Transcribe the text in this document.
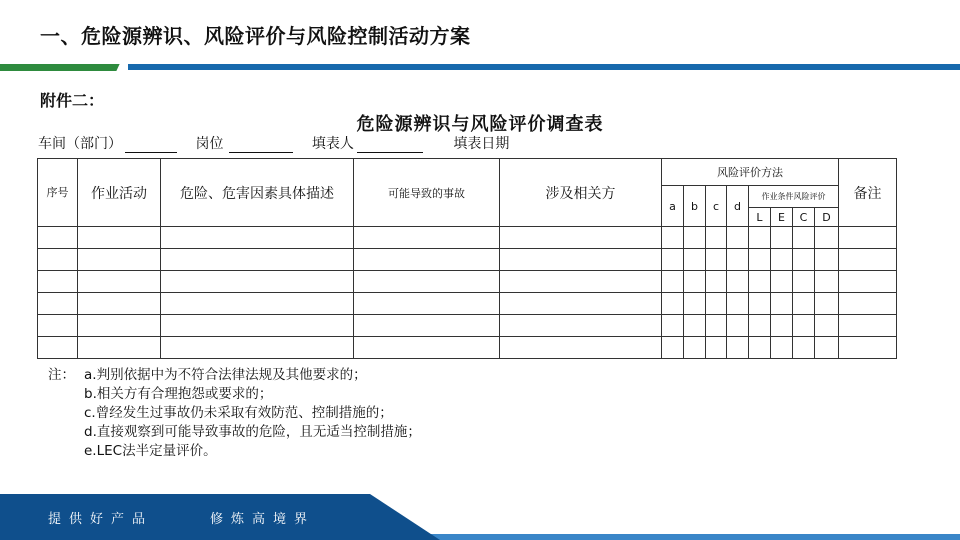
一、危险源辨识、风险评价与风险控制活动方案
附件二：
危险源辨识与风险评价调查表
车间（部门）	岗位	填表人	填表日期
序号	作业活动	危险、危害因素具体描述	可能导致的事故	涉及相关方	风险评价方法								备注
					a	b	c	d	作业条件风险评价				
									L	E	C	D	

注： a.判别依据中为不符合法律法规及其他要求的；
b.相关方有合理抱怨或要求的；
c.曾经发生过事故仍未采取有效防范、控制措施的；
d.直接观察到可能导致事故的危险，且无适当控制措施；
e.LEC法半定量评价。
提供好产品	修炼高境界
